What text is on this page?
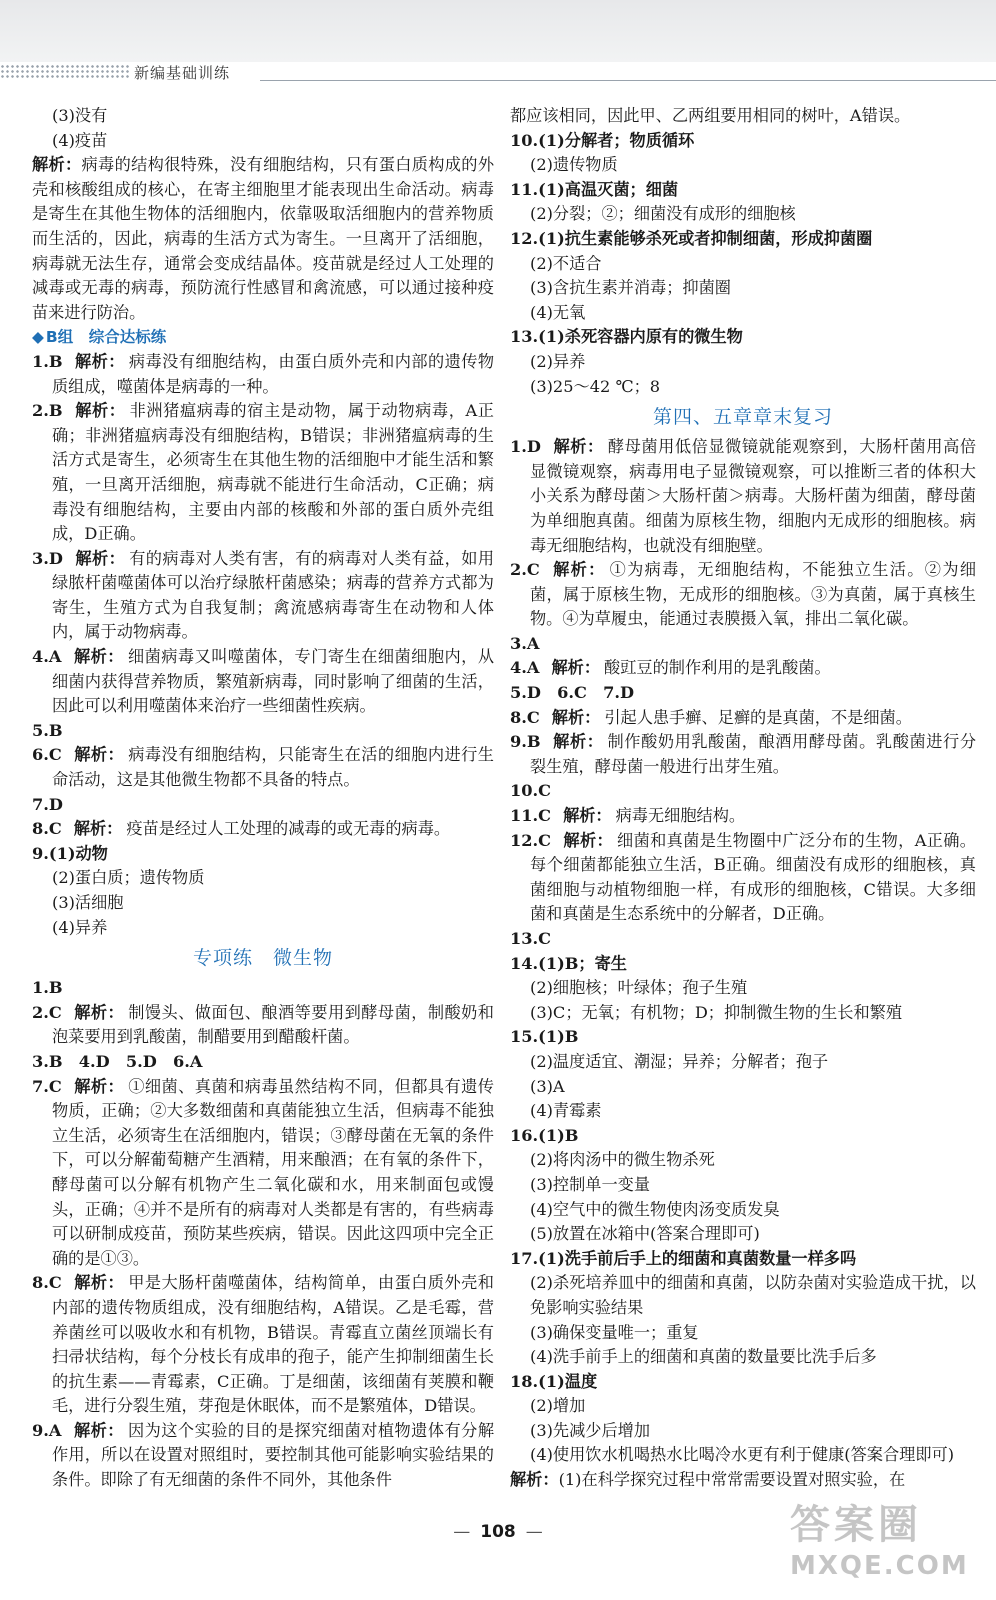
新编基础训练

(3)没有

(4)疫苗

解析：病毒的结构很特殊，没有细胞结构，只有蛋白质构成的外壳和核酸组成的核心，在寄主细胞里才能表现出生命活动。病毒是寄生在其他生物体的活细胞内，依靠吸取活细胞内的营养物质而生活的，因此，病毒的生活方式为寄生。一旦离开了活细胞，病毒就无法生存，通常会变成结晶体。疫苗就是经过人工处理的减毒或无毒的病毒，预防流行性感冒和禽流感，可以通过接种疫苗来进行防治。

◆ B组　综合达标练

1.B 解析： 病毒没有细胞结构，由蛋白质外壳和内部的遗传物质组成，噬菌体是病毒的一种。

2.B 解析： 非洲猪瘟病毒的宿主是动物，属于动物病毒，A正确；非洲猪瘟病毒没有细胞结构，B错误；非洲猪瘟病毒的生活方式是寄生，必须寄生在其他生物的活细胞中才能生活和繁殖，一旦离开活细胞，病毒就不能进行生命活动，C正确；病毒没有细胞结构，主要由内部的核酸和外部的蛋白质外壳组成，D正确。

3.D 解析： 有的病毒对人类有害，有的病毒对人类有益，如用绿脓杆菌噬菌体可以治疗绿脓杆菌感染；病毒的营养方式都为寄生，生殖方式为自我复制；禽流感病毒寄生在动物和人体内，属于动物病毒。

4.A 解析： 细菌病毒又叫噬菌体，专门寄生在细菌细胞内，从细菌内获得营养物质，繁殖新病毒，同时影响了细菌的生活，因此可以利用噬菌体来治疗一些细菌性疾病。

5.B

6.C 解析： 病毒没有细胞结构，只能寄生在活的细胞内进行生命活动，这是其他微生物都不具备的特点。

7.D

8.C 解析： 疫苗是经过人工处理的减毒的或无毒的病毒。

9.(1)动物

(2)蛋白质；遗传物质

(3)活细胞

(4)异养

专项练　微生物

1.B

2.C 解析： 制馒头、做面包、酿酒等要用到酵母菌，制酸奶和泡菜要用到乳酸菌，制醋要用到醋酸杆菌。

3.B　4.D　5.D　6.A

7.C 解析： ①细菌、真菌和病毒虽然结构不同，但都具有遗传物质，正确；②大多数细菌和真菌能独立生活，但病毒不能独立生活，必须寄生在活细胞内，错误；③酵母菌在无氧的条件下，可以分解葡萄糖产生酒精，用来酿酒；在有氧的条件下，酵母菌可以分解有机物产生二氧化碳和水，用来制面包或馒头，正确；④并不是所有的病毒对人类都是有害的，有些病毒可以研制成疫苗，预防某些疾病，错误。因此这四项中完全正确的是①③。

8.C 解析： 甲是大肠杆菌噬菌体，结构简单，由蛋白质外壳和内部的遗传物质组成，没有细胞结构，A错误。乙是毛霉，营养菌丝可以吸收水和有机物，B错误。青霉直立菌丝顶端长有扫帚状结构，每个分枝长有成串的孢子，能产生抑制细菌生长的抗生素——青霉素，C正确。丁是细菌，该细菌有荚膜和鞭毛，进行分裂生殖，芽孢是休眠体，而不是繁殖体，D错误。

9.A 解析： 因为这个实验的目的是探究细菌对植物遗体有分解作用，所以在设置对照组时，要控制其他可能影响实验结果的条件。即除了有无细菌的条件不同外，其他条件

都应该相同，因此甲、乙两组要用相同的树叶，A错误。

10.(1)分解者；物质循环

(2)遗传物质

11.(1)高温灭菌；细菌

(2)分裂；②；细菌没有成形的细胞核

12.(1)抗生素能够杀死或者抑制细菌，形成抑菌圈

(2)不适合

(3)含抗生素并消毒；抑菌圈

(4)无氧

13.(1)杀死容器内原有的微生物

(2)异养

(3)25～42 ℃；8

第四、五章章末复习

1.D 解析： 酵母菌用低倍显微镜就能观察到，大肠杆菌用高倍显微镜观察，病毒用电子显微镜观察，可以推断三者的体积大小关系为酵母菌＞大肠杆菌＞病毒。大肠杆菌为细菌，酵母菌为单细胞真菌。细菌为原核生物，细胞内无成形的细胞核。病毒无细胞结构，也就没有细胞壁。

2.C 解析： ①为病毒，无细胞结构，不能独立生活。②为细菌，属于原核生物，无成形的细胞核。③为真菌，属于真核生物。④为草履虫，能通过表膜摄入氧，排出二氧化碳。

3.A

4.A 解析： 酸豇豆的制作利用的是乳酸菌。

5.D　6.C　7.D

8.C 解析： 引起人患手癣、足癣的是真菌，不是细菌。

9.B 解析： 制作酸奶用乳酸菌，酿酒用酵母菌。乳酸菌进行分裂生殖，酵母菌一般进行出芽生殖。

10.C

11.C 解析： 病毒无细胞结构。

12.C 解析： 细菌和真菌是生物圈中广泛分布的生物，A正确。每个细菌都能独立生活，B正确。细菌没有成形的细胞核，真菌细胞与动植物细胞一样，有成形的细胞核，C错误。大多细菌和真菌是生态系统中的分解者，D正确。

13.C

14.(1)B；寄生

(2)细胞核；叶绿体；孢子生殖

(3)C；无氧；有机物；D；抑制微生物的生长和繁殖

15.(1)B

(2)温度适宜、潮湿；异养；分解者；孢子

(3)A

(4)青霉素

16.(1)B

(2)将肉汤中的微生物杀死

(3)控制单一变量

(4)空气中的微生物使肉汤变质发臭

(5)放置在冰箱中(答案合理即可)

17.(1)洗手前后手上的细菌和真菌数量一样多吗

(2)杀死培养皿中的细菌和真菌，以防杂菌对实验造成干扰，以免影响实验结果

(3)确保变量唯一；重复

(4)洗手前手上的细菌和真菌的数量要比洗手后多

18.(1)温度

(2)增加

(3)先减少后增加

(4)使用饮水机喝热水比喝冷水更有利于健康(答案合理即可)

解析：(1)在科学探究过程中常常需要设置对照实验，在

— 108 —	答案圈
MXQE.COM
